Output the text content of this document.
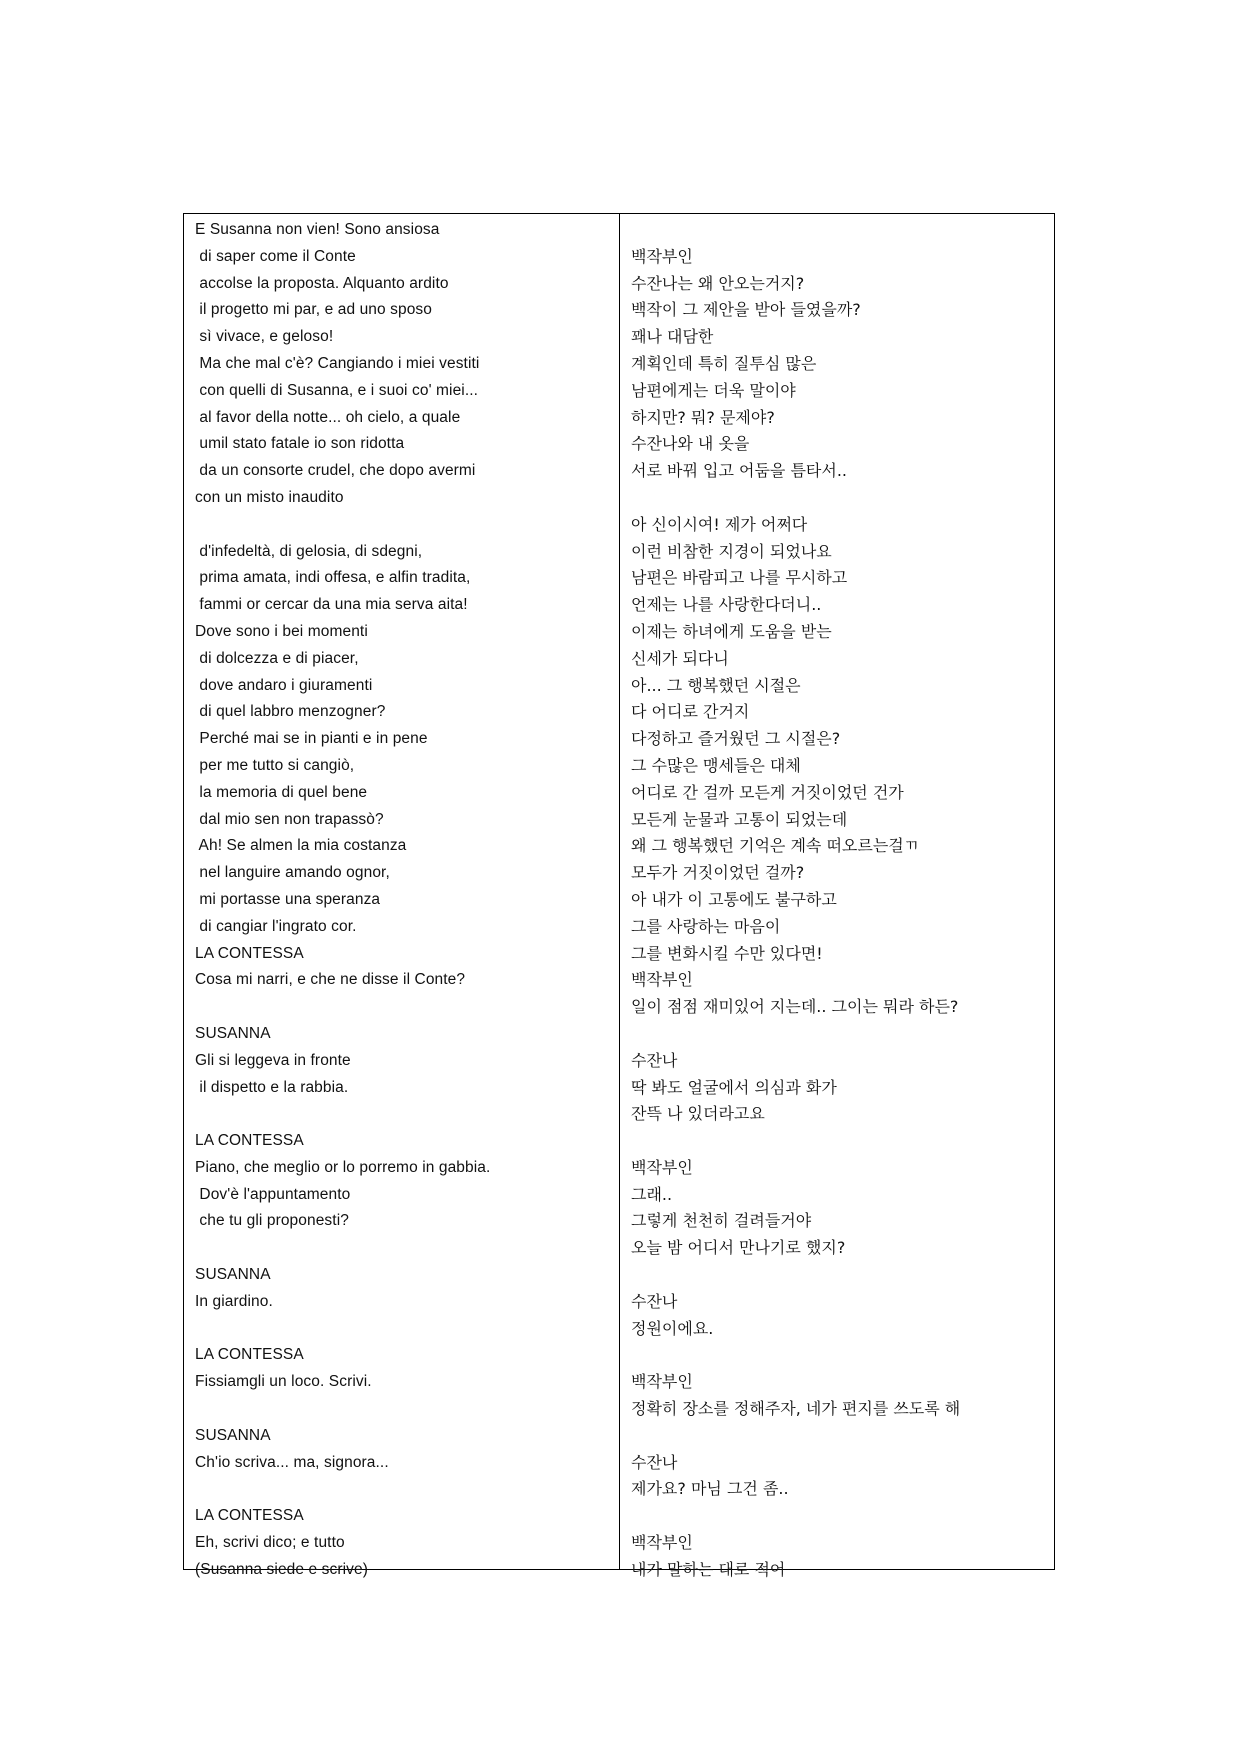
E Susanna non vien! Sono ansiosa
di saper come il Conte
accolse la proposta. Alquanto ardito
il progetto mi par, e ad uno sposo
sì vivace, e geloso!
Ma che mal c'è? Cangiando i miei vestiti
con quelli di Susanna, e i suoi co' miei...
al favor della notte... oh cielo, a quale
umil stato fatale io son ridotta
da un consorte crudel, che dopo avermi
con un misto inaudito
d'infedeltà, di gelosia, di sdegni,
prima amata, indi offesa, e alfin tradita,
fammi or cercar da una mia serva aita!
Dove sono i bei momenti
di dolcezza e di piacer,
dove andaro i giuramenti
di quel labbro menzogner?
Perché mai se in pianti e in pene
per me tutto si cangiò,
la memoria di quel bene
dal mio sen non trapassò?
Ah! Se almen la mia costanza
nel languire amando ognor,
mi portasse una speranza
di cangiar l'ingrato cor.
LA CONTESSA
Cosa mi narri, e che ne disse il Conte?
SUSANNA
Gli si leggeva in fronte
il dispetto e la rabbia.
LA CONTESSA
Piano, che meglio or lo porremo in gabbia.
Dov'è l'appuntamento
che tu gli proponesti?
SUSANNA
In giardino.
LA CONTESSA
Fissiamgli un loco. Scrivi.
SUSANNA
Ch'io scriva... ma, signora...
LA CONTESSA
Eh, scrivi dico; e tutto
(Susanna siede e scrive)
백작부인
수잔나는 왜 안오는거지?
백작이 그 제안을 받아 들였을까?
꽤나 대담한
계획인데 특히 질투심 많은
남편에게는 더욱 말이야
하지만? 뭐? 문제야?
수잔나와 내 옷을
서로 바꿔 입고 어둠을 틈타서..
아 신이시여! 제가 어쩌다
이런 비참한 지경이 되었나요
남편은 바람피고 나를 무시하고
언제는 나를 사랑한다더니..
이제는 하녀에게 도움을 받는
신세가 되다니
아... 그 행복했던 시절은
다 어디로 간거지
다정하고 즐거웠던 그 시절은?
그 수많은 맹세들은 대체
어디로 간 걸까 모든게 거짓이었던 건가
모든게 눈물과 고통이 되었는데
왜 그 행복했던 기억은 계속 떠오르는걸ㄲ
모두가 거짓이었던 걸까?
아 내가 이 고통에도 불구하고
그를 사랑하는 마음이
그를 변화시킬 수만 있다면!
백작부인
일이 점점 재미있어 지는데.. 그이는 뭐라 하든?
수잔나
딱 봐도 얼굴에서 의심과 화가
잔뜩 나 있더라고요
백작부인
그래..
그렇게 천천히 걸려들거야
오늘 밤 어디서 만나기로 했지?
수잔나
정원이에요.
백작부인
정확히 장소를 정해주자, 네가 편지를 쓰도록 해
수잔나
제가요? 마님 그건 좀..
백작부인
내가 말하는 대로 적어
